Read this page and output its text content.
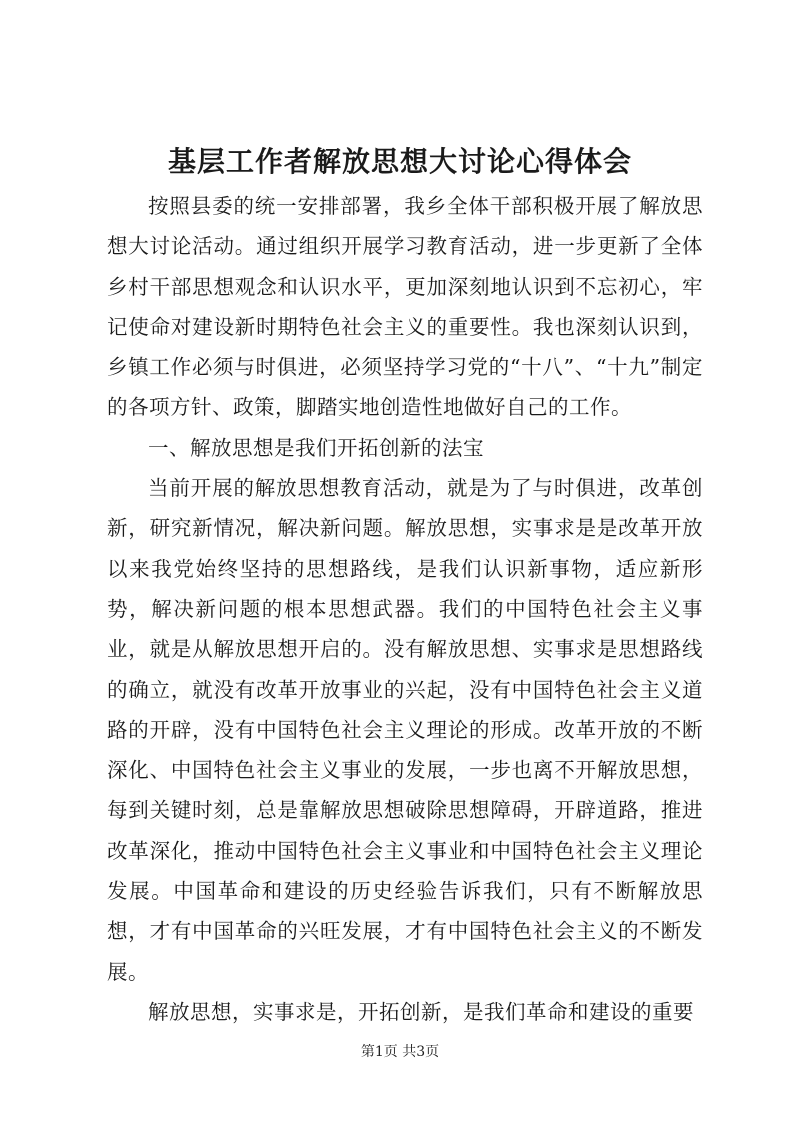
基层工作者解放思想大讨论心得体会

按照县委的统一安排部署，我乡全体干部积极开展了解放思想大讨论活动。通过组织开展学习教育活动，进一步更新了全体乡村干部思想观念和认识水平，更加深刻地认识到不忘初心，牢记使命对建设新时期特色社会主义的重要性。我也深刻认识到，乡镇工作必须与时俱进，必须坚持学习党的“十八”、“十九”制定的各项方针、政策，脚踏实地创造性地做好自己的工作。

一、解放思想是我们开拓创新的法宝

当前开展的解放思想教育活动，就是为了与时俱进，改革创新，研究新情况，解决新问题。解放思想，实事求是是改革开放以来我党始终坚持的思想路线，是我们认识新事物，适应新形势，解决新问题的根本思想武器。我们的中国特色社会主义事业，就是从解放思想开启的。没有解放思想、实事求是思想路线的确立，就没有改革开放事业的兴起，没有中国特色社会主义道路的开辟，没有中国特色社会主义理论的形成。改革开放的不断深化、中国特色社会主义事业的发展，一步也离不开解放思想，每到关键时刻，总是靠解放思想破除思想障碍，开辟道路，推进改革深化，推动中国特色社会主义事业和中国特色社会主义理论发展。中国革命和建设的历史经验告诉我们，只有不断解放思想，才有中国革命的兴旺发展，才有中国特色社会主义的不断发展。

解放思想，实事求是，开拓创新，是我们革命和建设的重要

第1页 共3页
